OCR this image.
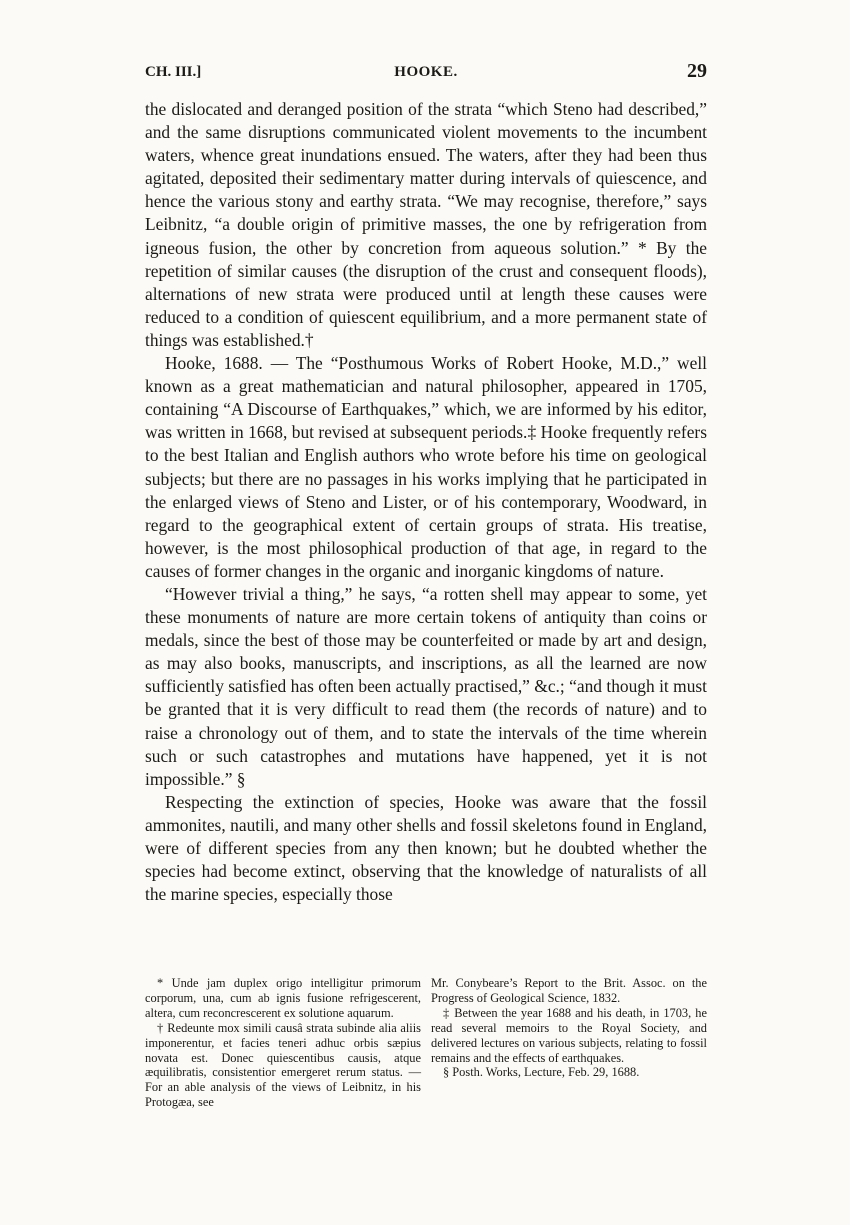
CH. III.]	HOOKE.	29

the dislocated and deranged position of the strata “which Steno had described,” and the same disruptions communicated violent movements to the incumbent waters, whence great inundations ensued. The waters, after they had been thus agitated, deposited their sedimentary matter during intervals of quiescence, and hence the various stony and earthy strata. “We may recognise, therefore,” says Leibnitz, “a double origin of primitive masses, the one by refrigeration from igneous fusion, the other by concretion from aqueous solution.” * By the repetition of similar causes (the disruption of the crust and consequent floods), alternations of new strata were produced until at length these causes were reduced to a condition of quiescent equilibrium, and a more permanent state of things was established.†

Hooke, 1688. — The “Posthumous Works of Robert Hooke, M.D.,” well known as a great mathematician and natural philosopher, appeared in 1705, containing “A Discourse of Earthquakes,” which, we are informed by his editor, was written in 1668, but revised at subsequent periods.‡ Hooke frequently refers to the best Italian and English authors who wrote before his time on geological subjects; but there are no passages in his works implying that he participated in the enlarged views of Steno and Lister, or of his contemporary, Woodward, in regard to the geographical extent of certain groups of strata. His treatise, however, is the most philosophical production of that age, in regard to the causes of former changes in the organic and inorganic kingdoms of nature.

“However trivial a thing,” he says, “a rotten shell may appear to some, yet these monuments of nature are more certain tokens of antiquity than coins or medals, since the best of those may be counterfeited or made by art and design, as may also books, manuscripts, and inscriptions, as all the learned are now sufficiently satisfied has often been actually practised,” &c.; “and though it must be granted that it is very difficult to read them (the records of nature) and to raise a chronology out of them, and to state the intervals of the time wherein such or such catastrophes and mutations have happened, yet it is not impossible.” §

Respecting the extinction of species, Hooke was aware that the fossil ammonites, nautili, and many other shells and fossil skeletons found in England, were of different species from any then known; but he doubted whether the species had become extinct, observing that the knowledge of naturalists of all the marine species, especially those

* Unde jam duplex origo intelligitur primorum corporum, una, cum ab ignis fusione refrigescerent, altera, cum reconcrescerent ex solutione aquarum.

† Redeunte mox simili causâ strata subinde alia aliis imponerentur, et facies teneri adhuc orbis sæpius novata est. Donec quiescentibus causis, atque æquilibratis, consistentior emergeret rerum status. — For an able analysis of the views of Leibnitz, in his Protogæa, see

Mr. Conybeare’s Report to the Brit. Assoc. on the Progress of Geological Science, 1832.

‡ Between the year 1688 and his death, in 1703, he read several memoirs to the Royal Society, and delivered lectures on various subjects, relating to fossil remains and the effects of earthquakes.

§ Posth. Works, Lecture, Feb. 29, 1688.
